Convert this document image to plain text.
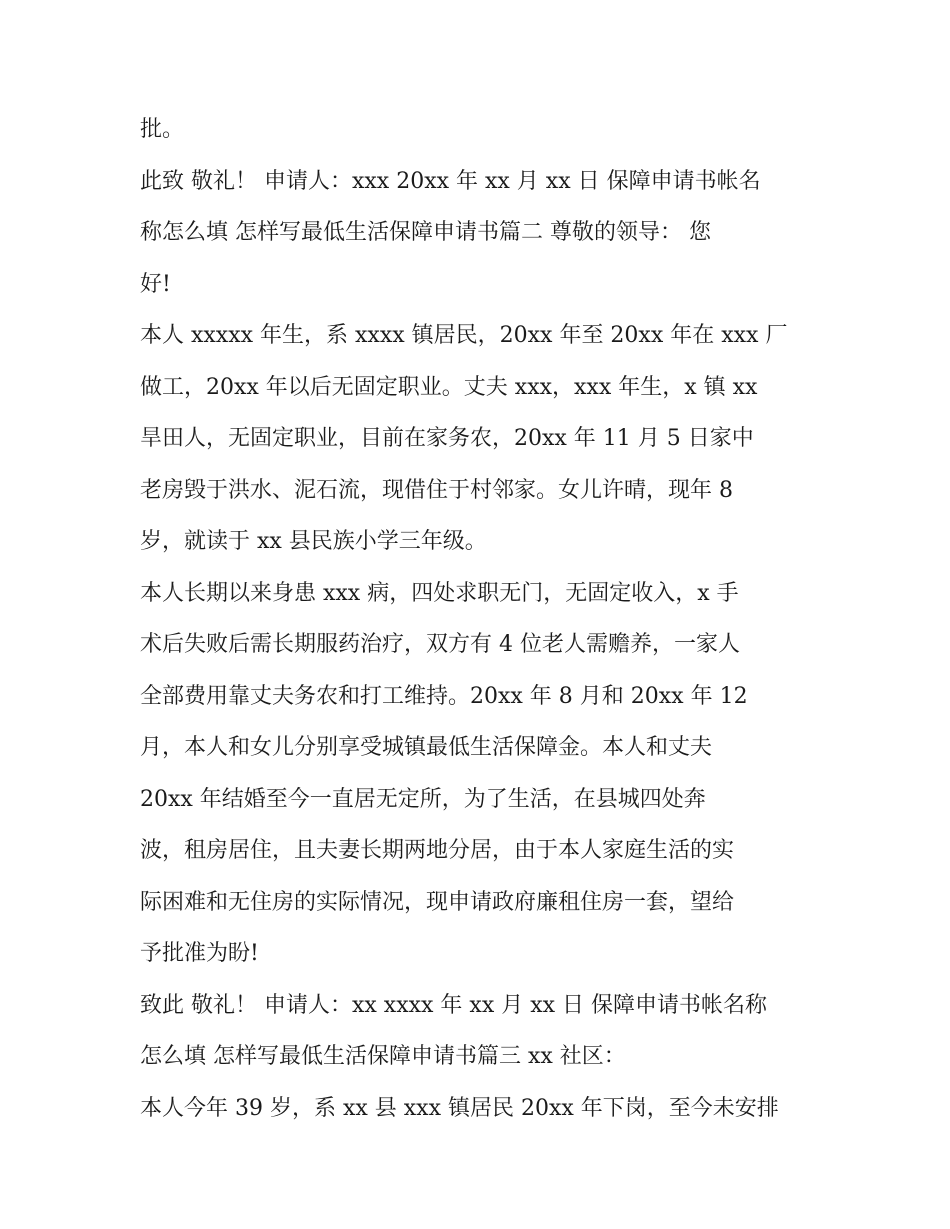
批。
此致 敬礼！ 申请人：xxx 20xx 年 xx 月 xx 日 保障申请书帐名
称怎么填 怎样写最低生活保障申请书篇二 尊敬的领导： 您
好!
本人 xxxxx 年生，系 xxxx 镇居民，20xx 年至 20xx 年在 xxx 厂
做工，20xx 年以后无固定职业。丈夫 xxx，xxx 年生，x 镇 xx
旱田人，无固定职业，目前在家务农，20xx 年 11 月 5 日家中
老房毁于洪水、泥石流，现借住于村邻家。女儿许晴，现年 8
岁，就读于 xx 县民族小学三年级。
本人长期以来身患 xxx 病，四处求职无门，无固定收入，x 手
术后失败后需长期服药治疗，双方有 4 位老人需赡养，一家人
全部费用靠丈夫务农和打工维持。20xx 年 8 月和 20xx 年 12
月，本人和女儿分别享受城镇最低生活保障金。本人和丈夫
20xx 年结婚至今一直居无定所，为了生活，在县城四处奔
波，租房居住，且夫妻长期两地分居，由于本人家庭生活的实
际困难和无住房的实际情况，现申请政府廉租住房一套，望给
予批准为盼!
致此 敬礼！ 申请人：xx xxxx 年 xx 月 xx 日 保障申请书帐名称
怎么填 怎样写最低生活保障申请书篇三 xx 社区：
本人今年 39 岁，系 xx 县 xxx 镇居民 20xx 年下岗，至今未安排
